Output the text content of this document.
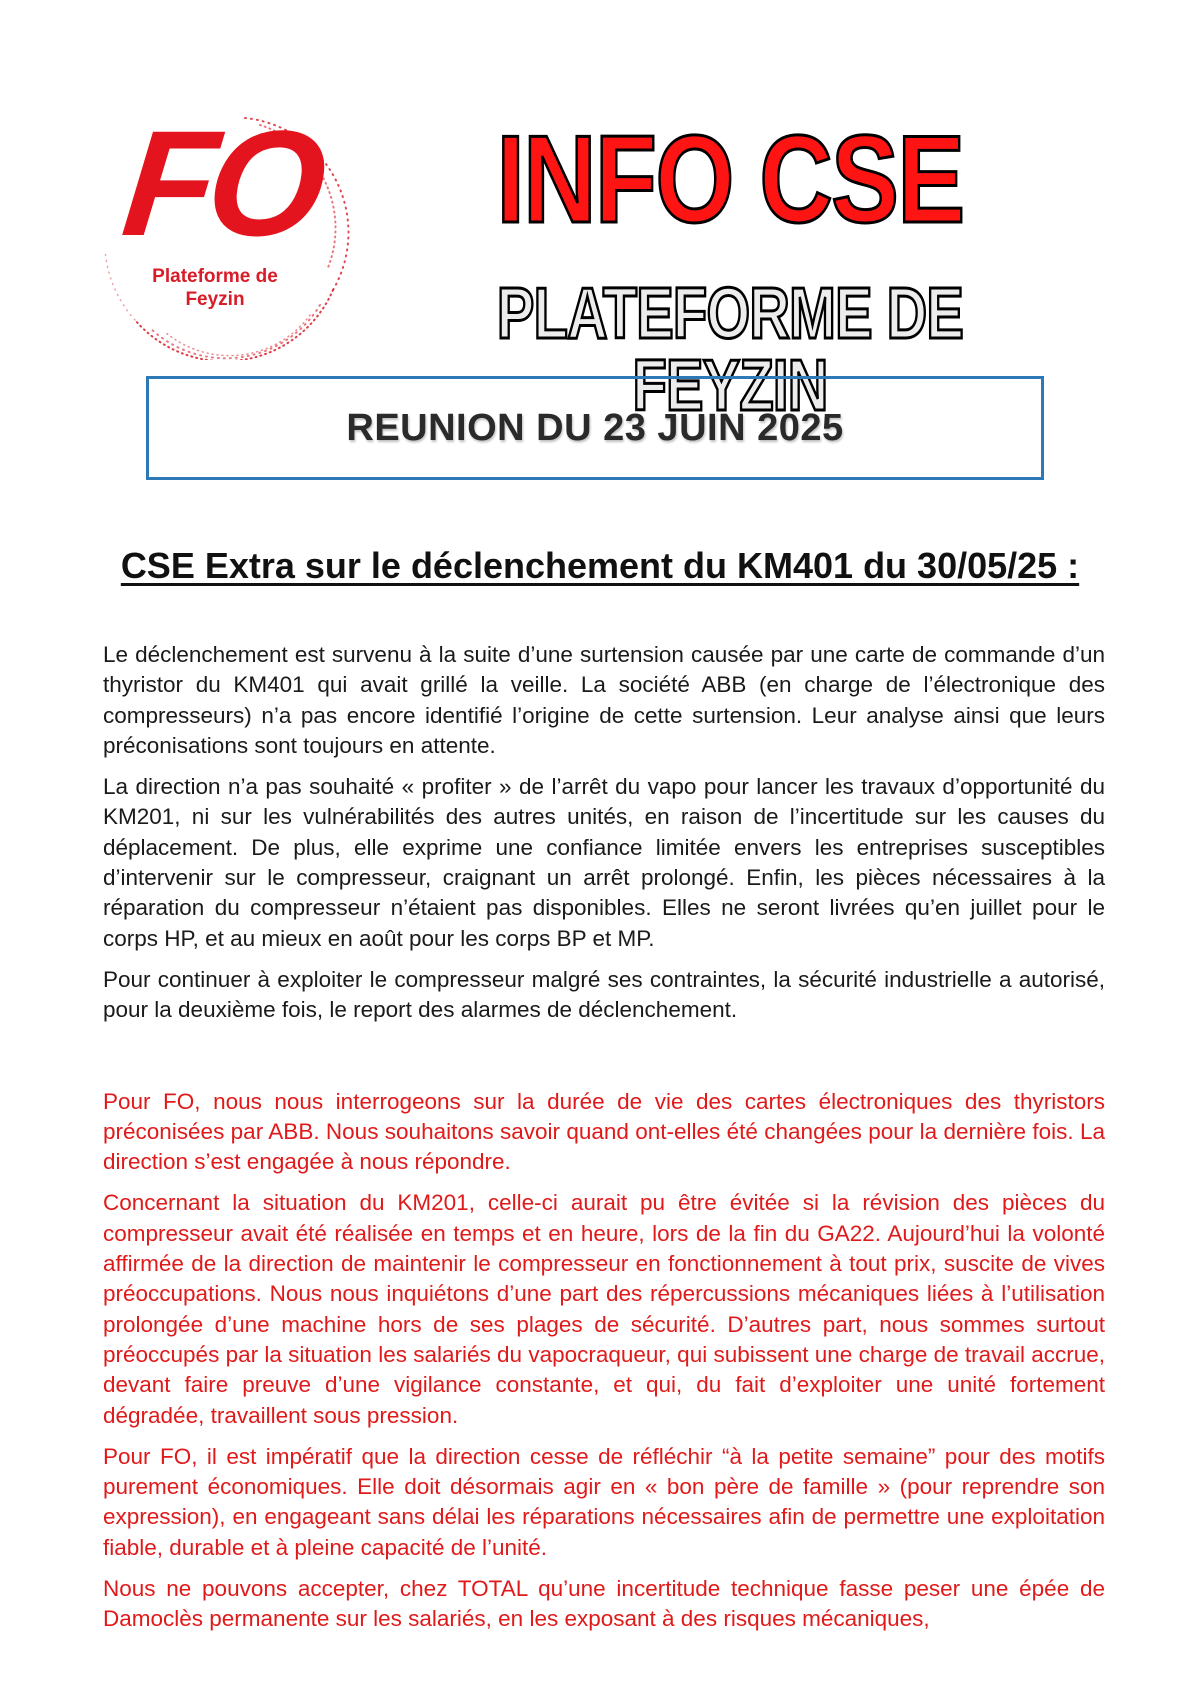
FO
Plateforme de
Feyzin
INFO CSE
PLATEFORME DE FEYZIN
REUNION DU 23 JUIN 2025
CSE Extra sur le déclenchement du KM401 du 30/05/25 :

Le déclenchement est survenu à la suite d’une surtension causée par une carte de commande d’un thyristor du KM401 qui avait grillé la veille. La société ABB (en charge de l’électronique des compresseurs) n’a pas encore identifié l’origine de cette surtension. Leur analyse ainsi que leurs préconisations sont toujours en attente.

La direction n’a pas souhaité « profiter » de l’arrêt du vapo pour lancer les travaux d’opportunité du KM201, ni sur les vulnérabilités des autres unités, en raison de l’incertitude sur les causes du déplacement. De plus, elle exprime une confiance limitée envers les entreprises susceptibles d’intervenir sur le compresseur, craignant un arrêt prolongé. Enfin, les pièces nécessaires à la réparation du compresseur n’étaient pas disponibles. Elles ne seront livrées qu’en juillet pour le corps HP, et au mieux en août pour les corps BP et MP.

Pour continuer à exploiter le compresseur malgré ses contraintes, la sécurité industrielle a autorisé, pour la deuxième fois, le report des alarmes de déclenchement.

Pour FO, nous nous interrogeons sur la durée de vie des cartes électroniques des thyristors préconisées par ABB. Nous souhaitons savoir quand ont-elles été changées pour la dernière fois. La direction s’est engagée à nous répondre.

Concernant la situation du KM201, celle-ci aurait pu être évitée si la révision des pièces du compresseur avait été réalisée en temps et en heure, lors de la fin du GA22. Aujourd’hui la volonté affirmée de la direction de maintenir le compresseur en fonctionnement à tout prix, suscite de vives préoccupations. Nous nous inquiétons d’une part des répercussions mécaniques liées à l’utilisation prolongée d’une machine hors de ses plages de sécurité. D’autres part, nous sommes surtout préoccupés par la situation les salariés du vapocraqueur, qui subissent une charge de travail accrue, devant faire preuve d’une vigilance constante, et qui, du fait d’exploiter une unité fortement dégradée, travaillent sous pression.

Pour FO, il est impératif que la direction cesse de réfléchir “à la petite semaine” pour des motifs purement économiques. Elle doit désormais agir en « bon père de famille » (pour reprendre son expression), en engageant sans délai les réparations nécessaires afin de permettre une exploitation fiable, durable et à pleine capacité de l’unité.

Nous ne pouvons accepter, chez TOTAL qu’une incertitude technique fasse peser une épée de Damoclès permanente sur les salariés, en les exposant à des risques mécaniques,
